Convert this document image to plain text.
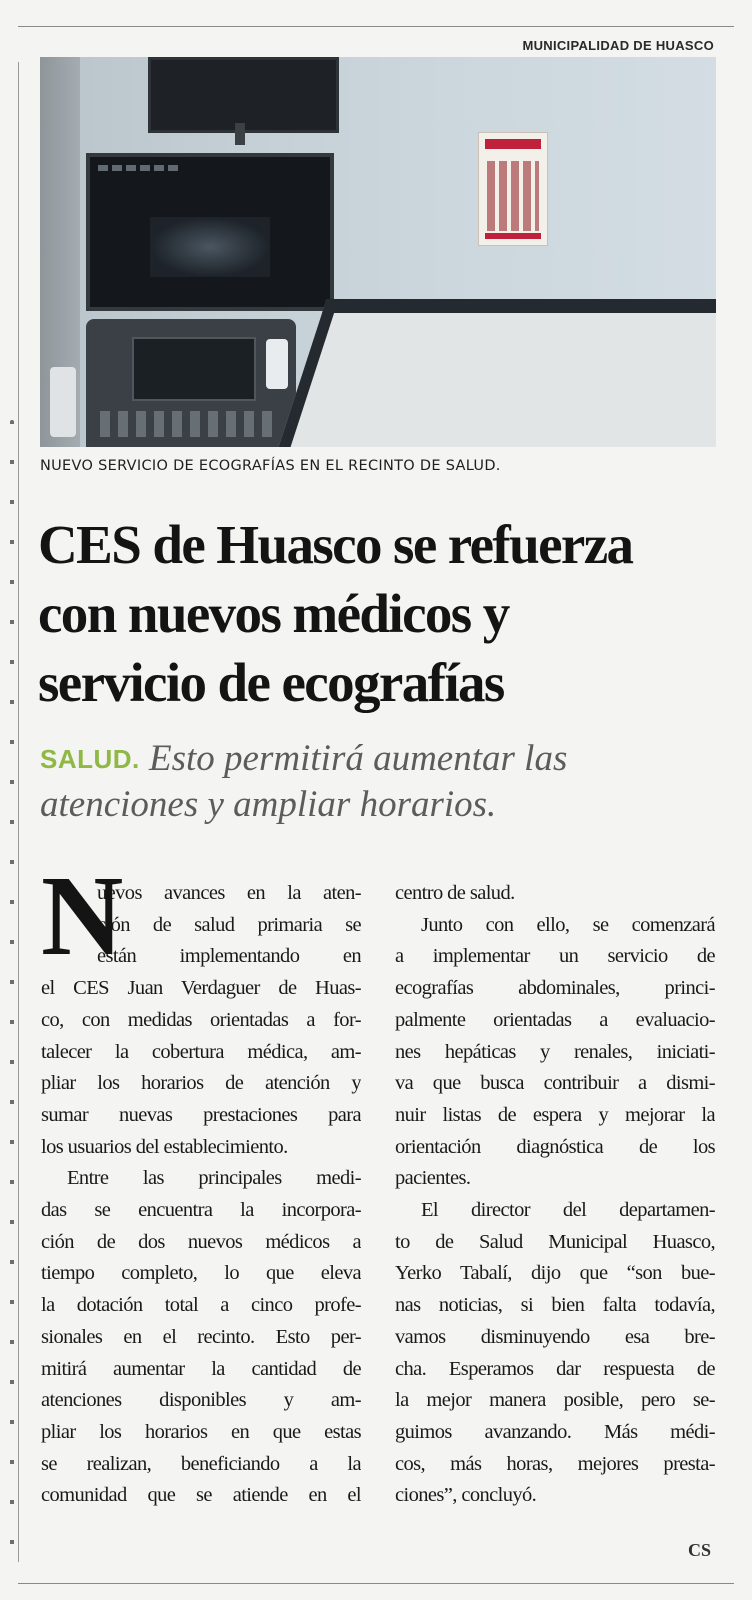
MUNICIPALIDAD DE HUASCO
NUEVO SERVICIO DE ECOGRAFÍAS EN EL RECINTO DE SALUD.
CES de Huasco se refuerza
con nuevos médicos y
servicio de ecografías

SALUD. Esto permitirá aumentar las
atenciones y ampliar horarios.

N
uevos avances en la aten-
ción de salud primaria se
están implementando en
el CES Juan Verdaguer de Huas-
co, con medidas orientadas a for-
talecer la cobertura médica, am-
pliar los horarios de atención y
sumar nuevas prestaciones para
los usuarios del establecimiento.
Entre las principales medi-
das se encuentra la incorpora-
ción de dos nuevos médicos a
tiempo completo, lo que eleva
la dotación total a cinco profe-
sionales en el recinto. Esto per-
mitirá aumentar la cantidad de
atenciones disponibles y am-
pliar los horarios en que estas
se realizan, beneficiando a la
comunidad que se atiende en el
centro de salud.
Junto con ello, se comenzará
a implementar un servicio de
ecografías abdominales, princi-
palmente orientadas a evaluacio-
nes hepáticas y renales, iniciati-
va que busca contribuir a dismi-
nuir listas de espera y mejorar la
orientación diagnóstica de los
pacientes.
El director del departamen-
to de Salud Municipal Huasco,
Yerko Tabalí, dijo que “son bue-
nas noticias, si bien falta todavía,
vamos disminuyendo esa bre-
cha. Esperamos dar respuesta de
la mejor manera posible, pero se-
guimos avanzando. Más médi-
cos, más horas, mejores presta-
ciones”, concluyó.
CS
